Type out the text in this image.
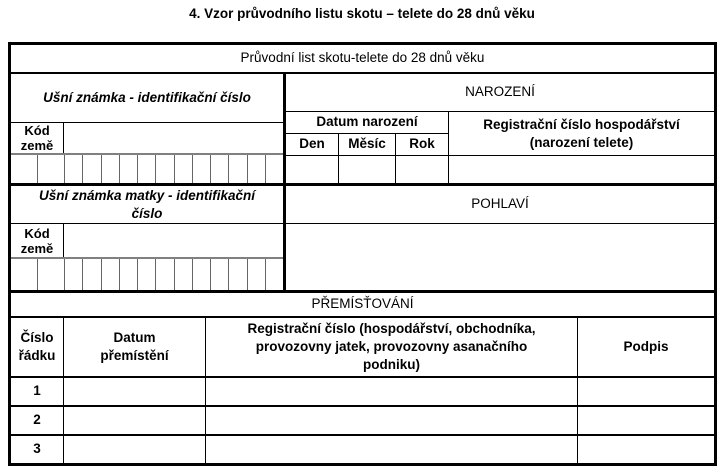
4. Vzor průvodního listu skotu – telete do 28 dnů věku
Průvodní list skotu-telete do 28 dnů věku
Ušní známka - identifikační číslo
Kód
země
NAROZENÍ
Datum narození
Den	Měsíc	Rok
Registrační číslo hospodářství
(narození telete)
Ušní známka matky - identifikační
číslo
Kód
země
POHLAVÍ
PŘEMÍSŤOVÁNÍ
Číslo
řádku
Datum
přemístění
Registrační číslo (hospodářství, obchodníka,
provozovny jatek, provozovny asanačního
podniku)
Podpis
1
2
3
